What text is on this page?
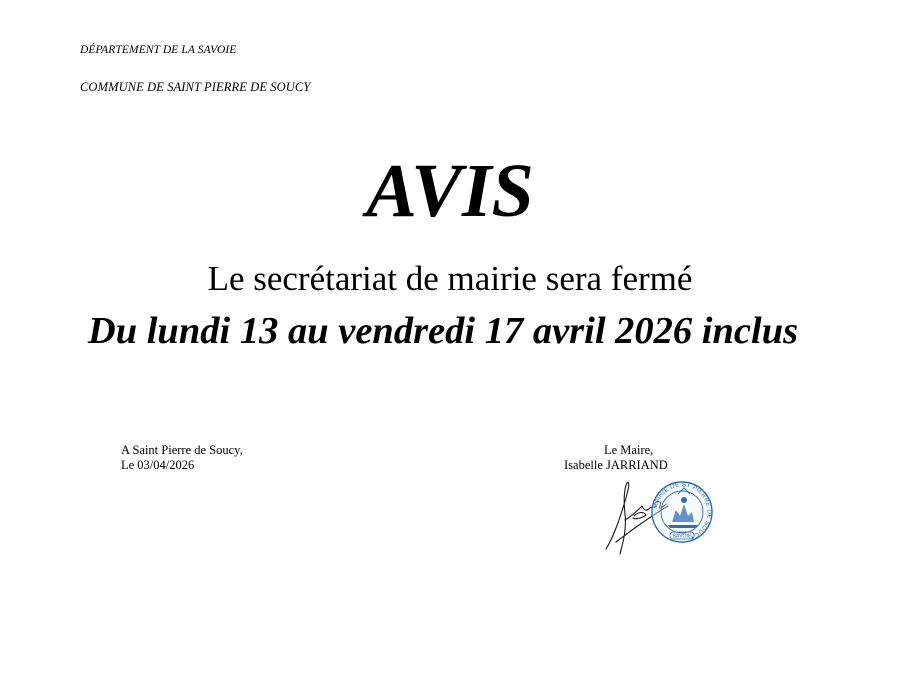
DÉPARTEMENT DE LA SAVOIE
COMMUNE DE SAINT PIERRE DE SOUCY
AVIS
Le secrétariat de mairie sera fermé
Du lundi 13 au vendredi 17 avril 2026 inclus
A Saint Pierre de Soucy,
Le 03/04/2026
Le Maire,
Isabelle JARRIAND
MAIRIE DE ST PIERRE DE SOUCY
SAVOIE
